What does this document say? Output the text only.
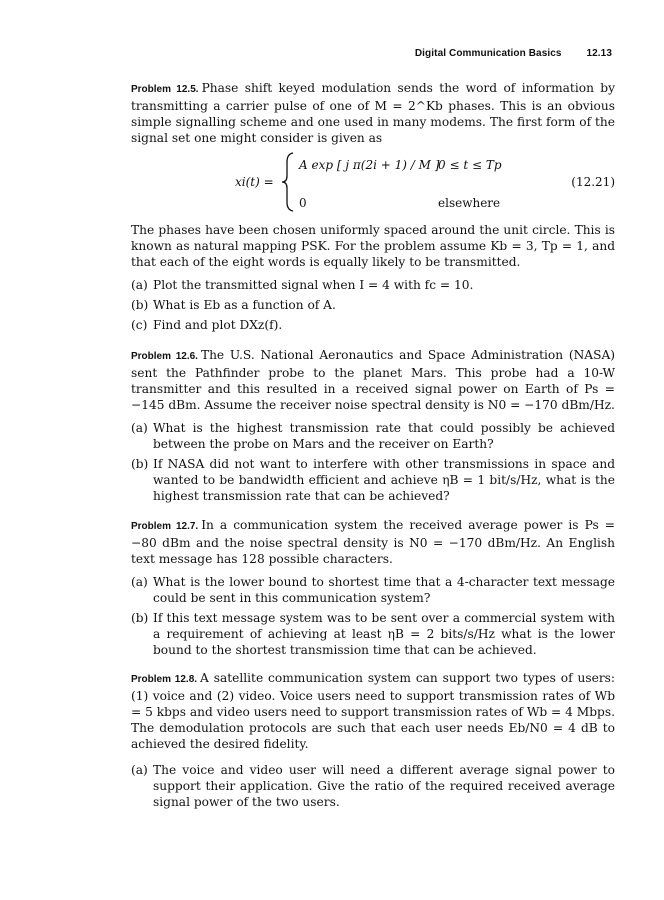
Digital Communication Basics 12.13

Problem 12.5. Phase shift keyed modulation sends the word of information by transmitting a carrier pulse of one of M = 2^Kb phases. This is an obvious simple signalling scheme and one used in many modems. The first form of the signal set one might consider is given as

xi(t) =
A exp [ j π(2i + 1) / M ]
0 ≤ t ≤ Tp
0	elsewhere
(12.21)

The phases have been chosen uniformly spaced around the unit circle. This is known as natural mapping PSK. For the problem assume Kb = 3, Tp = 1, and that each of the eight words is equally likely to be transmitted.

(a) Plot the transmitted signal when I = 4 with fc = 10.
(b) What is Eb as a function of A.
(c) Find and plot DXz(f).

Problem 12.6. The U.S. National Aeronautics and Space Administration (NASA) sent the Pathfinder probe to the planet Mars. This probe had a 10-W transmitter and this resulted in a received signal power on Earth of Ps = −145 dBm. Assume the receiver noise spectral density is N0 = −170 dBm/Hz.

(a) What is the highest transmission rate that could possibly be achieved between the probe on Mars and the receiver on Earth?
(b) If NASA did not want to interfere with other transmissions in space and wanted to be bandwidth efficient and achieve ηB = 1 bit/s/Hz, what is the highest transmission rate that can be achieved?

Problem 12.7. In a communication system the received average power is Ps = −80 dBm and the noise spectral density is N0 = −170 dBm/Hz. An English text message has 128 possible characters.

(a) What is the lower bound to shortest time that a 4-character text message could be sent in this communication system?
(b) If this text message system was to be sent over a commercial system with a requirement of achieving at least ηB = 2 bits/s/Hz what is the lower bound to the shortest transmission time that can be achieved.

Problem 12.8. A satellite communication system can support two types of users: (1) voice and (2) video. Voice users need to support transmission rates of Wb = 5 kbps and video users need to support transmission rates of Wb = 4 Mbps. The demodulation protocols are such that each user needs Eb/N0 = 4 dB to achieved the desired fidelity.

(a) The voice and video user will need a different average signal power to support their application. Give the ratio of the required received average signal power of the two users.
